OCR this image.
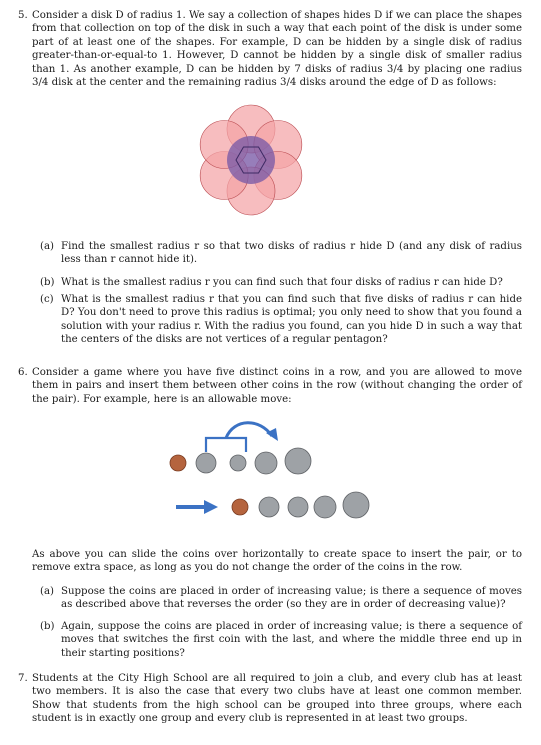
5. Consider a disk D of radius 1. We say a collection of shapes hides D if we can place the shapes from that collection on top of the disk in such a way that each point of the disk is under some part of at least one of the shapes. For example, D can be hidden by a single disk of radius greater-than-or-equal-to 1. However, D cannot be hidden by a single disk of smaller radius than 1. As another example, D can be hidden by 7 disks of radius 3/4 by placing one radius 3/4 disk at the center and the remaining radius 3/4 disks around the edge of D as follows:
(a) Find the smallest radius r so that two disks of radius r hide D (and any disk of radius less than r cannot hide it).
(b) What is the smallest radius r you can find such that four disks of radius r can hide D?
(c) What is the smallest radius r that you can find such that five disks of radius r can hide D? You don't need to prove this radius is optimal; you only need to show that you found a solution with your radius r. With the radius you found, can you hide D in such a way that the centers of the disks are not vertices of a regular pentagon?
6. Consider a game where you have five distinct coins in a row, and you are allowed to move them in pairs and insert them between other coins in the row (without changing the order of the pair). For example, here is an allowable move:
As above you can slide the coins over horizontally to create space to insert the pair, or to remove extra space, as long as you do not change the order of the coins in the row.
(a) Suppose the coins are placed in order of increasing value; is there a sequence of moves as described above that reverses the order (so they are in order of decreasing value)?
(b) Again, suppose the coins are placed in order of increasing value; is there a sequence of moves that switches the first coin with the last, and where the middle three end up in their starting positions?
7. Students at the City High School are all required to join a club, and every club has at least two members. It is also the case that every two clubs have at least one common member. Show that students from the high school can be grouped into three groups, where each student is in exactly one group and every club is represented in at least two groups.
